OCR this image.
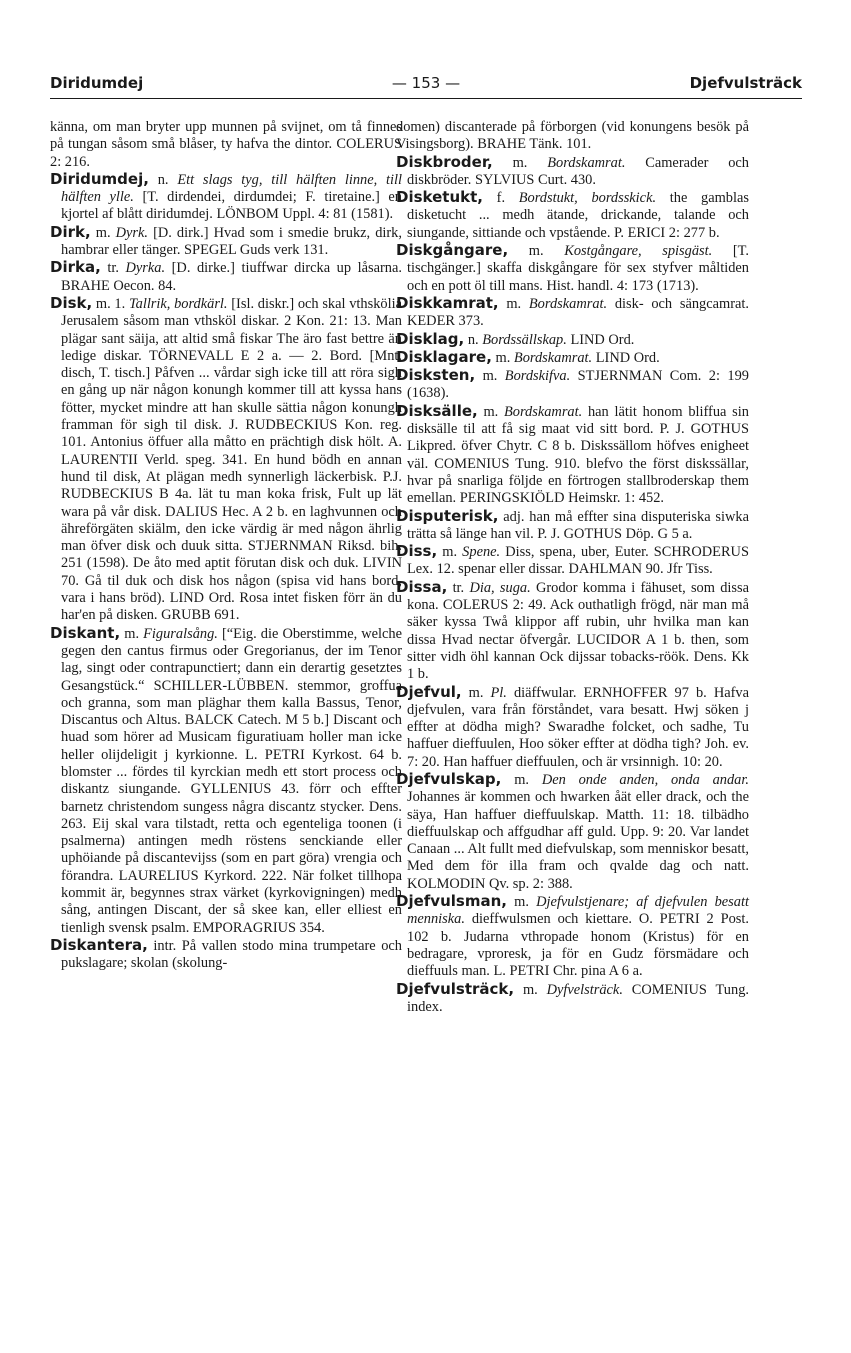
Diridumdej	— 153 —	Djefvulsträck

känna, om man bryter upp munnen på svijnet, om tå finnes på tungan såsom små blåser, ty hafva the dintor. COLERUS 2: 216.

Diridumdej, n. Ett slags tyg, till hälften linne, till hälften ylle. [T. dirdendei, dirdumdei; F. tiretaine.] en kjortel af blått diridumdej. LÖNBOM Uppl. 4: 81 (1581).

Dirk, m. Dyrk. [D. dirk.] Hvad som i smedie brukz, dirk, hambrar eller tänger. SPEGEL Guds verk 131.

Dirka, tr. Dyrka. [D. dirke.] tiuffwar dircka up låsarna. BRAHE Oecon. 84.

Disk, m. 1. Tallrik, bordkärl. [Isl. diskr.] och skal vthskölia Jerusalem såsom man vthsköl diskar. 2 Kon. 21: 13. Man plägar sant säija, att altid små fiskar The äro fast bettre än ledige diskar. TÖRNEVALL E 2 a. — 2. Bord. [Mnt. disch, T. tisch.] Påfven ... vårdar sigh icke till att röra sigh en gång up när någon konungh kommer till att kyssa hans fötter, mycket mindre att han skulle sättia någon konungh framman för sigh til disk. J. RUDBECKIUS Kon. reg. 101. Antonius öffuer alla måtto en prächtigh disk hölt. A. LAURENTII Verld. speg. 341. En hund bödh en annan hund til disk, At plägan medh synnerligh läckerbisk. P.J. RUDBECKIUS B 4a. lät tu man koka frisk, Fult up lät wara på vår disk. DALIUS Hec. A 2 b. en laghvunnen och ähreförgäten skiälm, den icke värdig är med någon ährlig man öfver disk och duuk sitta. STJERNMAN Riksd. bih. 251 (1598). De åto med aptit förutan disk och duk. LIVIN 70. Gå til duk och disk hos någon (spisa vid hans bord, vara i hans bröd). LIND Ord. Rosa intet fisken förr än du har'en på disken. GRUBB 691.

Diskant, m. Figuralsång. [“Eig. die Oberstimme, welche gegen den cantus firmus oder Gregorianus, der im Tenor lag, singt oder contrapunctiert; dann ein derartig gesetztes Gesangstück.“ SCHILLER-LÜBBEN. stemmor, groffua och granna, som man pläghar them kalla Bassus, Tenor, Discantus och Altus. BALCK Catech. M 5 b.] Discant och huad som hörer ad Musicam figuratiuam holler man icke heller olijdeligit j kyrkionne. L. PETRI Kyrkost. 64 b. blomster ... fördes til kyrckian medh ett stort process och diskantz siungande. GYLLENIUS 43. förr och effter barnetz christendom sungess några discantz stycker. Dens. 263. Eij skal vara tilstadt, retta och egenteliga toonen (i psalmerna) antingen medh röstens senckiande eller uphöiande på discantevijss (som en part göra) vrengia och förandra. LAURELIUS Kyrkord. 222. När folket tillhopa kommit är, begynnes strax värket (kyrkovigningen) medh sång, antingen Discant, der så skee kan, eller elliest en tienligh svensk psalm. EMPORAGRIUS 354.

Diskantera, intr. På vallen stodo mina trumpetare och pukslagare; skolan (skolung-

domen) discanterade på förborgen (vid konungens besök på Visingsborg). BRAHE Tänk. 101.

Diskbroder, m. Bordskamrat. Camerader och diskbröder. SYLVIUS Curt. 430.

Disketukt, f. Bordstukt, bordsskick. the gamblas disketucht ... medh ätande, drickande, talande och siungande, sittiande och vpstående. P. ERICI 2: 277 b.

Diskgångare, m. Kostgångare, spisgäst. [T. tischgänger.] skaffa diskgångare för sex styfver måltiden och en pott öl till mans. Hist. handl. 4: 173 (1713).

Diskkamrat, m. Bordskamrat. disk- och sängcamrat. KEDER 373.

Disklag, n. Bordssällskap. LIND Ord.

Disklagare, m. Bordskamrat. LIND Ord.

Disksten, m. Bordskifva. STJERNMAN Com. 2: 199 (1638).

Disksälle, m. Bordskamrat. han lätit honom bliffua sin disksälle til att få sig maat vid sitt bord. P. J. GOTHUS Likpred. öfver Chytr. C 8 b. Diskssällom höfves enigheet väl. COMENIUS Tung. 910. blefvo the först diskssällar, hvar på snarliga följde en förtrogen stallbroderskap them emellan. PERINGSKIÖLD Heimskr. 1: 452.

Disputerisk, adj. han må effter sina disputeriska siwka trätta så länge han vil. P. J. GOTHUS Döp. G 5 a.

Diss, m. Spene. Diss, spena, uber, Euter. SCHRODERUS Lex. 12. spenar eller dissar. DAHLMAN 90. Jfr Tiss.

Dissa, tr. Dia, suga. Grodor komma i fähuset, som dissa kona. COLERUS 2: 49. Ack outhatligh frögd, när man må säker kyssa Twå klippor aff rubin, uhr hvilka man kan dissa Hvad nectar öfvergår. LUCIDOR A 1 b. then, som sitter vidh öhl kannan Ock dijssar tobacks-röök. Dens. Kk 1 b.

Djefvul, m. Pl. diäffwular. ERNHOFFER 97 b. Hafva djefvulen, vara från förståndet, vara besatt. Hwj söken j effter at dödha migh? Swaradhe folcket, och sadhe, Tu haffuer dieffuulen, Hoo söker effter at dödha tigh? Joh. ev. 7: 20. Han haffuer dieffuulen, och är vrsinnigh. 10: 20.

Djefvulskap, m. Den onde anden, onda andar. Johannes är kommen och hwarken åät eller drack, och the säya, Han haffuer dieffuulskap. Matth. 11: 18. tilbädho dieffuulskap och affgudhar aff guld. Upp. 9: 20. Var landet Canaan ... Alt fullt med diefvulskap, som menniskor besatt, Med dem för illa fram och qvalde dag och natt. KOLMODIN Qv. sp. 2: 388.

Djefvulsman, m. Djefvulstjenare; af djefvulen besatt menniska. dieffwulsmen och kiettare. O. PETRI 2 Post. 102 b. Judarna vthropade honom (Kristus) för en bedragare, vproresk, ja för en Gudz försmädare och dieffuuls man. L. PETRI Chr. pina A 6 a.

Djefvulsträck, m. Dyfvelsträck. COMENIUS Tung. index.
